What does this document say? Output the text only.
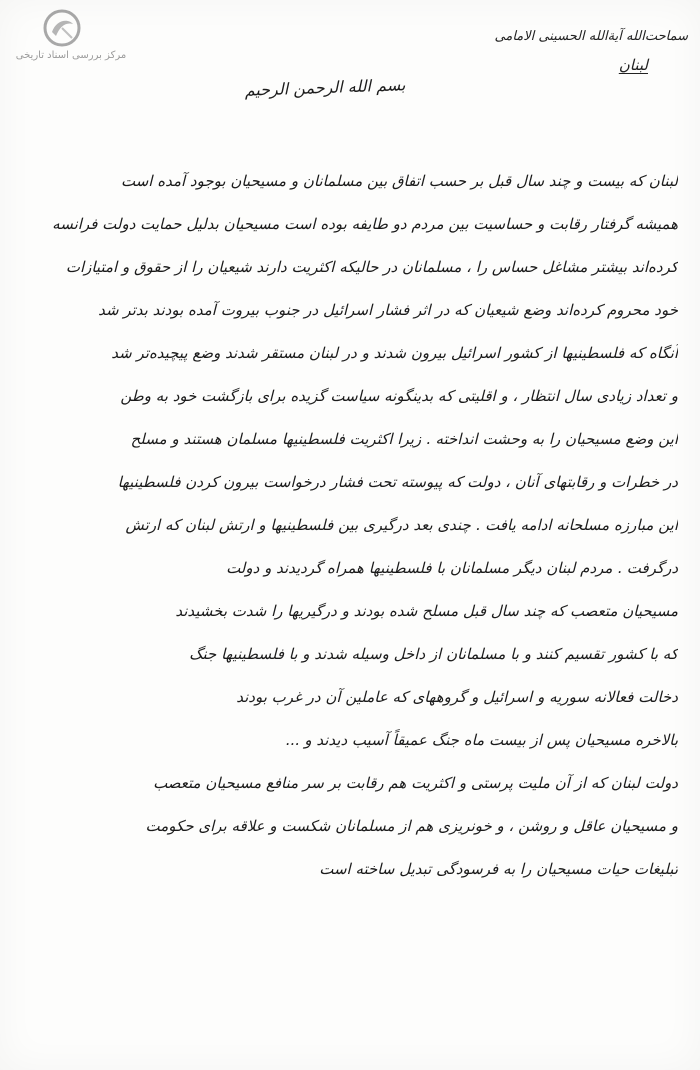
مرکز بررسی اسناد تاریخی
س‍ماحت‌الله آية‌الله الحسینی الامامی
لبنان
بسم الله الرحمن الرحیم
لبنان که بیست و چند سال قبل بر حسب اتفاق بین مسلمانان و مسیحیان بوجود آمده است
همیشه گرفتار رقابت و حساسیت بین مردم دو طایفه بوده است مسیحیان بدلیل حمایت دولت فرانسه
کرده‌اند بیشتر مشاغل حساس را ، مسلمانان در حالیکه اکثریت دارند شیعیان را از حقوق و امتیازات
خود محروم کرده‌اند وضع شیعیان که در اثر فشار اسرائیل در جنوب بیروت آمده بودند بدتر شد
آنگاه که فلسطینیها از کشور اسرائیل بیرون شدند و در لبنان مستقر شدند وضع پیچیده‌تر شد
و تعداد زیادی سال انتظار ، و اقلیتی که بدینگونه سیاست گزیده برای بازگشت خود به وطن
این وضع مسیحیان را به وحشت انداخته . زیرا اکثریت فلسطینیها مسلمان هستند و مسلح
در خطرات و رقابتهای آنان ، دولت که پیوسته تحت فشار درخواست بیرون کردن فلسطینیها
این مبارزه مسلحانه ادامه یافت . چندی بعد درگیری بین فلسطینیها و ارتش لبنان که ارتش
درگرفت . مردم لبنان دیگر مسلمانان با فلسطینیها همراه گردیدند و دولت
مسیحیان متعصب که چند سال قبل مسلح شده بودند و درگیریها را شدت بخشیدند
که با کشور تقسیم کنند و با مسلمانان از داخل وسیله شدند و با فلسطینیها جنگ
دخالت فعالانه سوریه و اسرائیل و گروههای که عاملین آن در غرب بودند
بالاخره مسیحیان پس از بیست ماه جنگ عمیقاً آسیب دیدند و ...
دولت لبنان که از آن ملیت پرستی و اکثریت هم رقابت بر سر منافع مسیحیان متعصب
و مسیحیان عاقل و روشن ، و خونریزی هم از مسلمانان شکست و علاقه برای حکومت
تبلیغات حیات مسیحیان را به فرسودگی تبدیل ساخته است
